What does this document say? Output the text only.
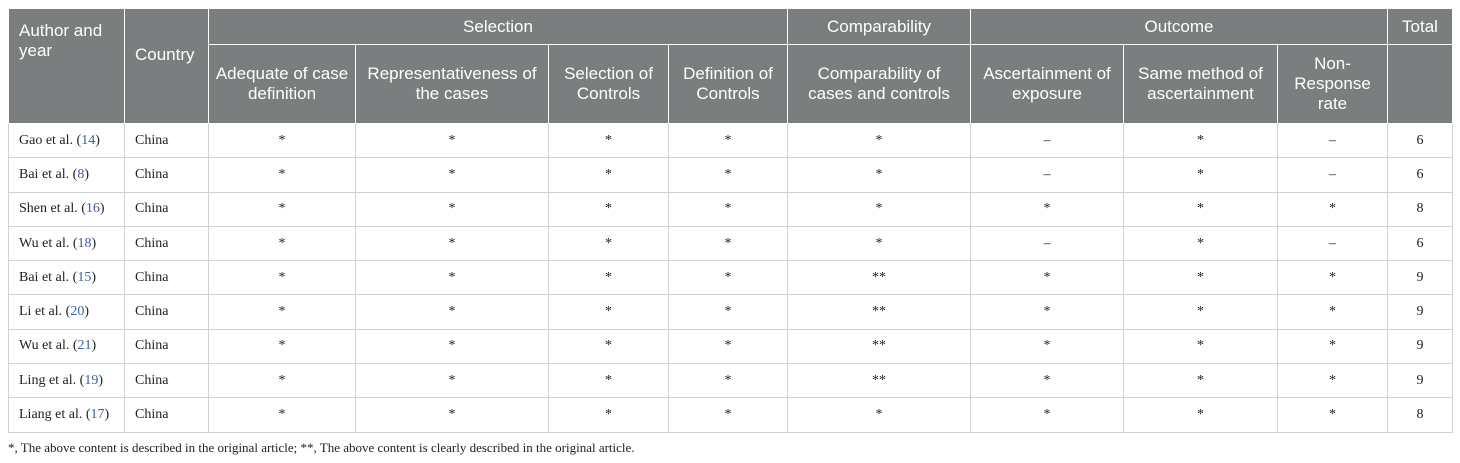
Author and year	Country	Selection				Comparability	Outcome			Total
		Adequate of case definition	Representativeness of the cases	Selection of Controls	Definition of Controls	Comparability of cases and controls	Ascertainment of exposure	Same method of ascertainment	Non-Response rate	
Gao et al. (14)	China	*	*	*	*	*	–	*	–	6
Bai et al. (8)	China	*	*	*	*	*	–	*	–	6
Shen et al. (16)	China	*	*	*	*	*	*	*	*	8
Wu et al. (18)	China	*	*	*	*	*	–	*	–	6
Bai et al. (15)	China	*	*	*	*	**	*	*	*	9
Li et al. (20)	China	*	*	*	*	**	*	*	*	9
Wu et al. (21)	China	*	*	*	*	**	*	*	*	9
Ling et al. (19)	China	*	*	*	*	**	*	*	*	9
Liang et al. (17)	China	*	*	*	*	*	*	*	*	8
*, The above content is described in the original article; **, The above content is clearly described in the original article.
